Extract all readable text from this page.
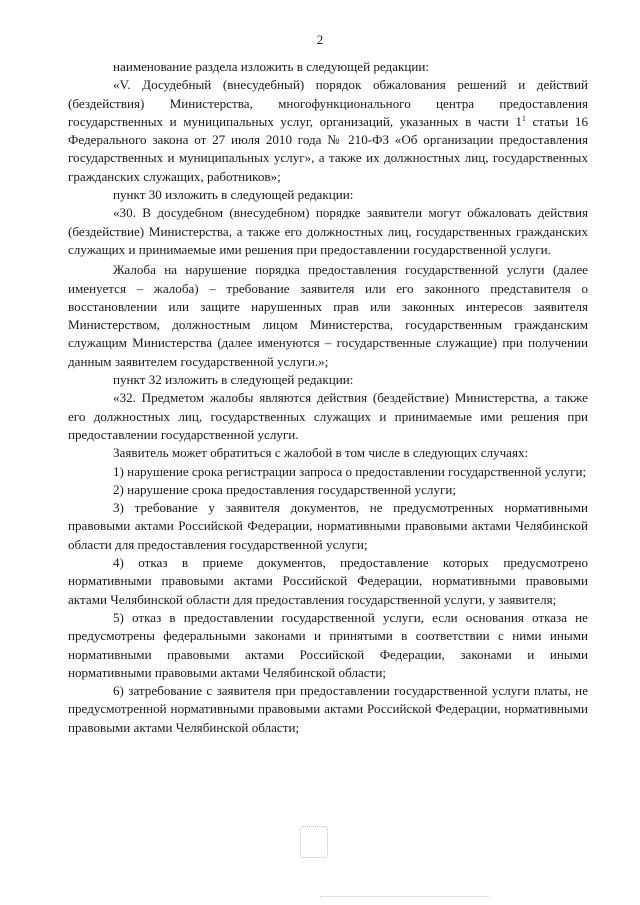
2

наименование раздела изложить в следующей редакции:

«V. Досудебный (внесудебный) порядок обжалования решений и действий (бездействия) Министерства, многофункционального центра предоставления государственных и муниципальных услуг, организаций, указанных в части $1^1$ статьи 16 Федерального закона от 27 июля 2010 года № 210-ФЗ «Об организации предоставления государственных и муниципальных услуг», а также их должностных лиц, государственных гражданских служащих, работников»;

пункт 30 изложить в следующей редакции:

«30. В досудебном (внесудебном) порядке заявители могут обжаловать действия (бездействие) Министерства, а также его должностных лиц, государственных гражданских служащих и принимаемые ими решения при предоставлении государственной услуги.

Жалоба на нарушение порядка предоставления государственной услуги (далее именуется – жалоба) – требование заявителя или его законного представителя о восстановлении или защите нарушенных прав или законных интересов заявителя Министерством, должностным лицом Министерства, государственным гражданским служащим Министерства (далее именуются – государственные служащие) при получении данным заявителем государственной услуги.»;

пункт 32 изложить в следующей редакции:

«32. Предметом жалобы являются действия (бездействие) Министерства, а также его должностных лиц, государственных служащих и принимаемые ими решения при предоставлении государственной услуги.

Заявитель может обратиться с жалобой в том числе в следующих случаях:

1) нарушение срока регистрации запроса о предоставлении государственной услуги;

2) нарушение срока предоставления государственной услуги;

3) требование у заявителя документов, не предусмотренных нормативными правовыми актами Российской Федерации, нормативными правовыми актами Челябинской области для предоставления государственной услуги;

4) отказ в приеме документов, предоставление которых предусмотрено нормативными правовыми актами Российской Федерации, нормативными правовыми актами Челябинской области для предоставления государственной услуги, у заявителя;

5) отказ в предоставлении государственной услуги, если основания отказа не предусмотрены федеральными законами и принятыми в соответствии с ними иными нормативными правовыми актами Российской Федерации, законами и иными нормативными правовыми актами Челябинской области;

6) затребование с заявителя при предоставлении государственной услуги платы, не предусмотренной нормативными правовыми актами Российской Федерации, нормативными правовыми актами Челябинской области;
